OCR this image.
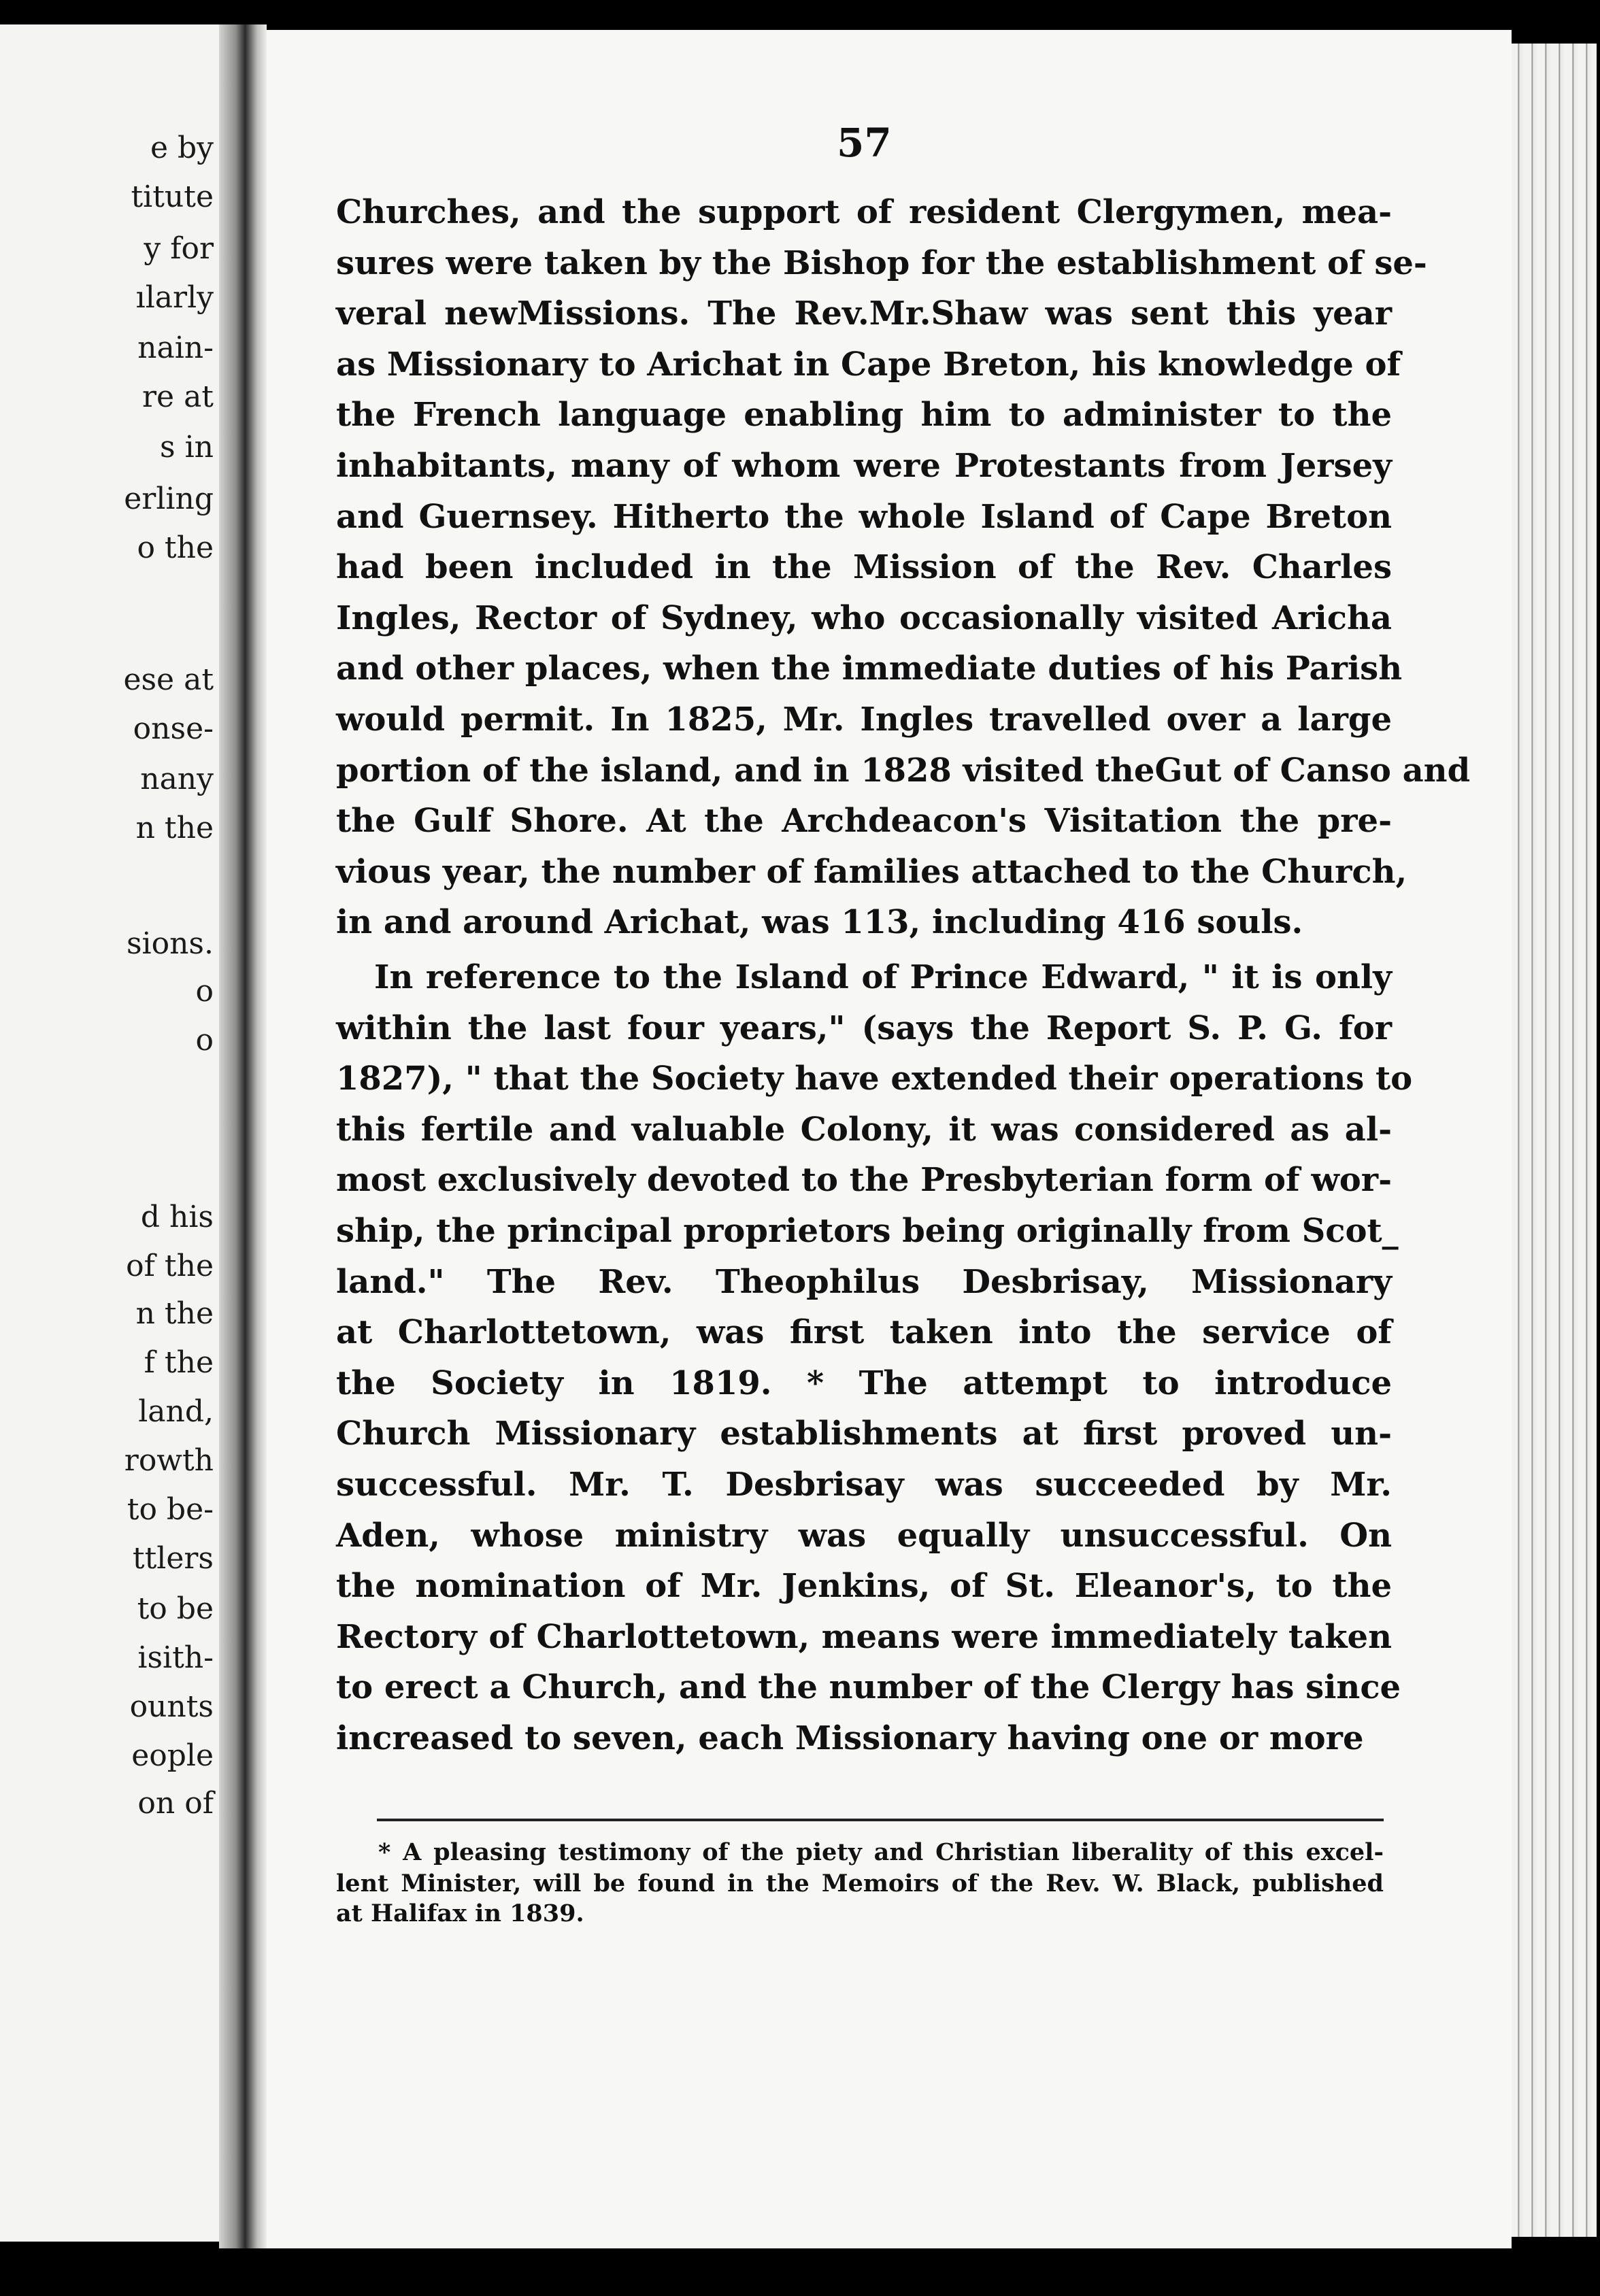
e by
titute
y for
ılarly
nain-
re at
s in
erling
o the
ese at
onse-
nany
n the
sions.
o
o
d his
of the
n the
f the
land,
rowth
to be-
ttlers
to be
isith-
ounts
eople
on of
57
Churches, and the support of resident Clergymen, mea-
sures were taken by the Bishop for the establishment of se-
veral newMissions. The Rev.Mr.Shaw was sent this year
as Missionary to Arichat in Cape Breton, his knowledge of
the French language enabling him to administer to the
inhabitants, many of whom were Protestants from Jersey
and Guernsey. Hitherto the whole Island of Cape Breton
had been included in the Mission of the Rev. Charles
Ingles, Rector of Sydney, who occasionally visited Aricha
and other places, when the immediate duties of his Parish
would permit. In 1825, Mr. Ingles travelled over a large
portion of the island, and in 1828 visited theGut of Canso and
the Gulf Shore. At the Archdeacon's Visitation the pre-
vious year, the number of families attached to the Church,
in and around Arichat, was 113, including 416 souls.
In reference to the Island of Prince Edward, " it is only
within the last four years," (says the Report S. P. G. for
1827), " that the Society have extended their operations to
this fertile and valuable Colony, it was considered as al-
most exclusively devoted to the Presbyterian form of wor-
ship, the principal proprietors being originally from Scot_
land." The Rev. Theophilus Desbrisay, Missionary
at Charlottetown, was first taken into the service of
the Society in 1819. * The attempt to introduce
Church Missionary establishments at first proved un-
successful. Mr. T. Desbrisay was succeeded by Mr.
Aden, whose ministry was equally unsuccessful. On
the nomination of Mr. Jenkins, of St. Eleanor's, to the
Rectory of Charlottetown, means were immediately taken
to erect a Church, and the number of the Clergy has since
increased to seven, each Missionary having one or more
* A pleasing testimony of the piety and Christian liberality of this excel-
lent Minister, will be found in the Memoirs of the Rev. W. Black, published
at Halifax in 1839.
